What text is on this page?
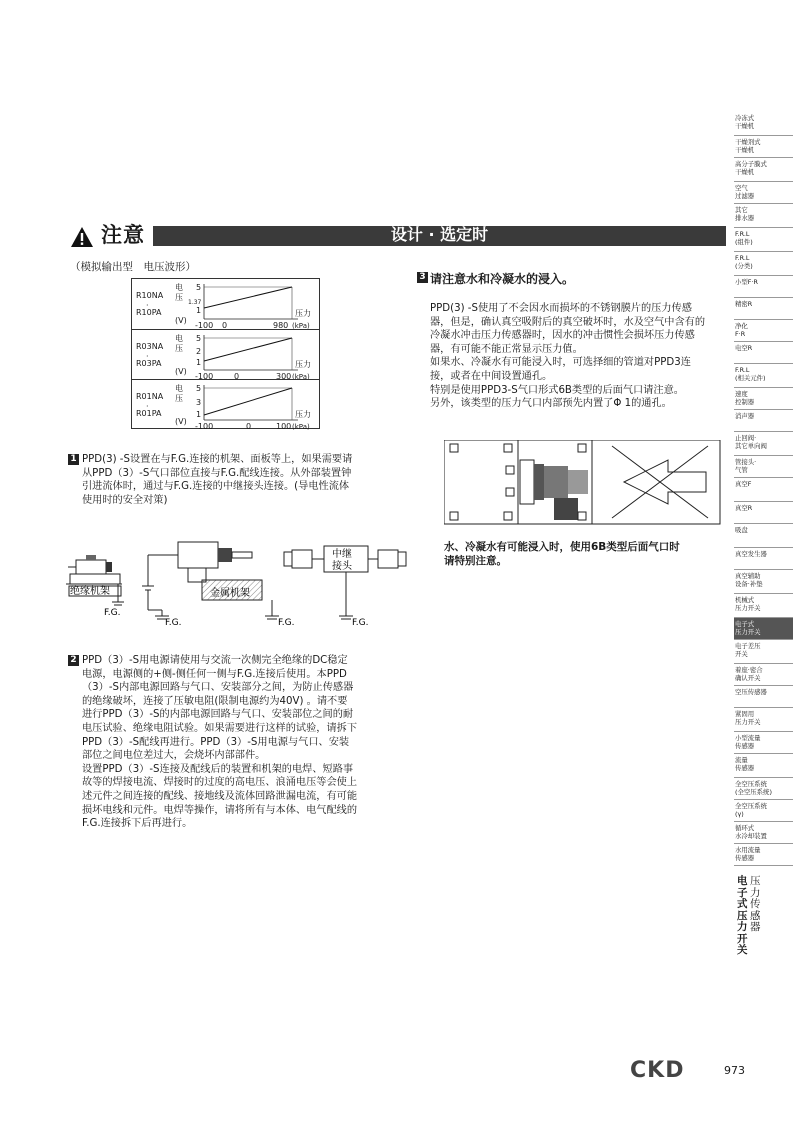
注意	设计 · 选定时
（模拟输出型　电压波形）
R10NA
·
R10PA
电
压
(V)
5
1.37
1
-100 0	980
压力
(kPa)
R03NA
·
R03PA
电
压
(V)
5
2
1
-100	0	300
压力
(kPa)
R01NA
·
R01PA
电
压
(V)
5
3
1
-100	0	100
压力
(kPa)
1 PPD(3) -S设置在与F.G.连接的机架、面板等上，如果需要请
从PPD（3）-S气口部位直接与F.G.配线连接。从外部装置钟
引进流体时，通过与F.G.连接的中继接头连接。(导电性流体
使用时的安全对策)
绝缘机架
F.G.
F.G.
金属机架
F.G.
中继
接头
F.G.
2 PPD（3）-S用电源请使用与交流一次侧完全绝缘的DC稳定
电源，电源侧的+侧-侧任何一侧与F.G.连接后使用。本PPD
（3）-S内部电源回路与气口、安装部分之间，为防止传感器
的绝缘破坏，连接了压敏电阻(限制电源约为40V) 。请不要
进行PPD（3）-S的内部电源回路与气口、安装部位之间的耐
电压试验、绝缘电阻试验。如果需要进行这样的试验，请拆下
PPD（3）-S配线再进行。PPD（3）-S用电源与气口、安装
部位之间电位差过大，会烧坏内部部件。
设置PPD（3）-S连接及配线后的装置和机架的电焊、短路事
故等的焊接电流、焊接时的过度的高电压、浪涌电压等会使上
述元件之间连接的配线、接地线及流体回路泄漏电流，有可能
损坏电线和元件。电焊等操作，请将所有与本体、电气配线的
F.G.连接拆下后再进行。
3 请注意水和冷凝水的浸入。
PPD(3) -S使用了不会因水而损坏的不锈钢膜片的压力传感
器，但是，确认真空吸附后的真空破坏时，水及空气中含有的
冷凝水冲击压力传感器时，因水的冲击惯性会损坏压力传感
器，有可能不能正常显示压力值。
如果水、冷凝水有可能浸入时，可选择细的管道对PPD3连
接，或者在中间设置通孔。
特别是使用PPD3-S气口形式6B类型的后面气口请注意。
另外，该类型的压力气口内部预先内置了Φ 1的通孔。
水、冷凝水有可能浸入时，使用6B类型后面气口时
请特别注意。
冷冻式
干燥机
干燥剂式
干燥机
高分子膜式
干燥机
空气
过滤器
其它
排水器
F.R.L
(组件)
F.R.L
(分类)
小型F·R
精密R
净化
F·R
电空R
F.R.L
(相关元件)
速度
控制器
消声器
止回阀·
其它单向阀
管接头·
气管
真空F
真空R
吸盘
真空发生器
真空辅助
设备·补垫
机械式
压力开关
电子式
压力开关
电子差压
开关
着座·密合
确认开关
空压传感器
紧固用
压力开关
小型流量
传感器
流量
传感器
全空压系统
(全空压系统)
全空压系统
(γ)
循环式
水冷却装置
水用流量
传感器
电子式压力开关
压力传感器
CKD	973
